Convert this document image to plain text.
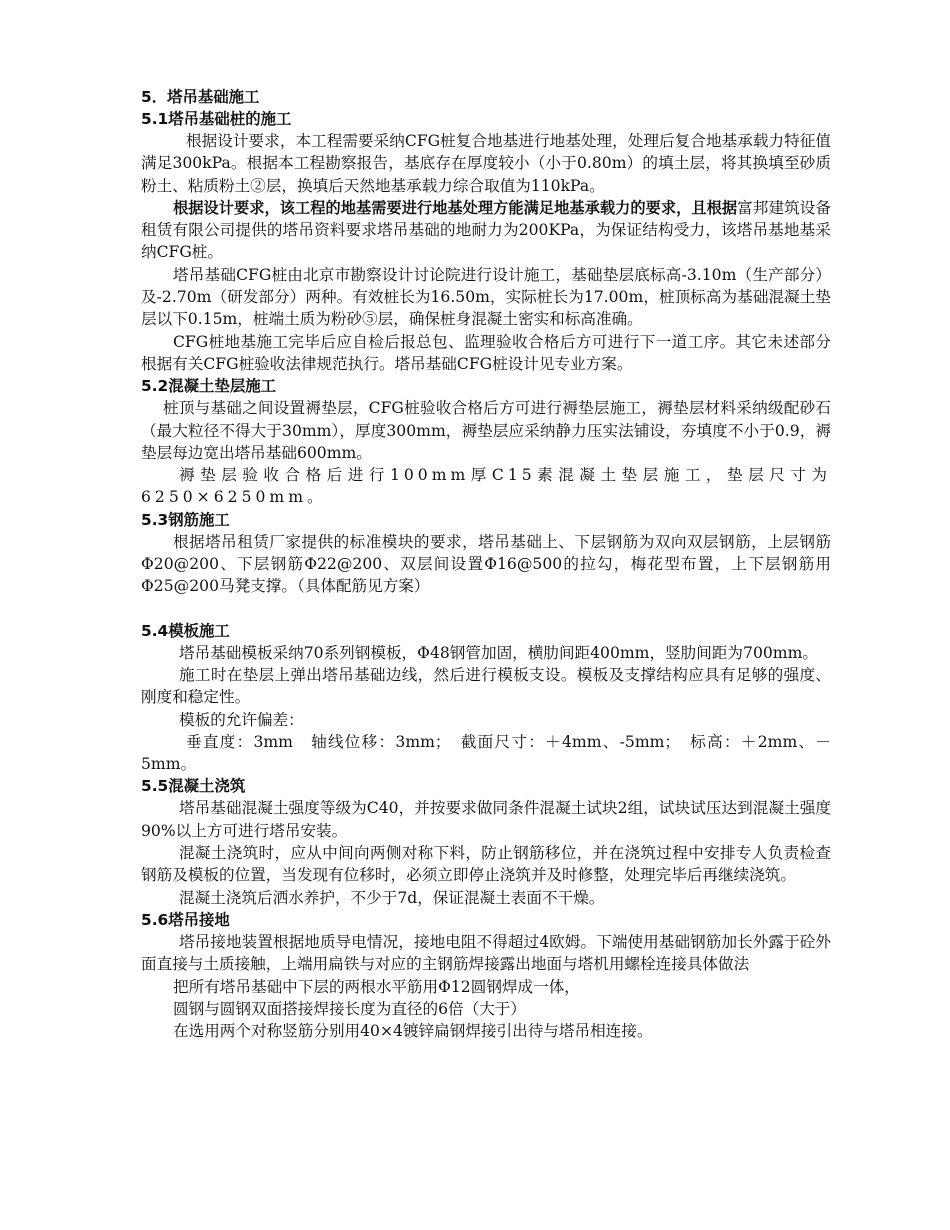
5．塔吊基础施工
5.1塔吊基础桩的施工

根据设计要求，本工程需要采纳CFG桩复合地基进行地基处理，处理后复合地基承载力特征值满足300kPa。根据本工程勘察报告，基底存在厚度较小（小于0.80m）的填土层，将其换填至砂质粉土、粘质粉土②层，换填后天然地基承载力综合取值为110kPa。

根据设计要求，该工程的地基需要进行地基处理方能满足地基承载力的要求，且根据富邦建筑设备租赁有限公司提供的塔吊资料要求塔吊基础的地耐力为200KPa，为保证结构受力，该塔吊基地基采纳CFG桩。

塔吊基础CFG桩由北京市勘察设计讨论院进行设计施工，基础垫层底标高-3.10m（生产部分）及-2.70m（研发部分）两种。有效桩长为16.50m，实际桩长为17.00m，桩顶标高为基础混凝土垫层以下0.15m，桩端土质为粉砂⑤层，确保桩身混凝土密实和标高准确。

CFG桩地基施工完毕后应自检后报总包、监理验收合格后方可进行下一道工序。其它未述部分根据有关CFG桩验收法律规范执行。塔吊基础CFG桩设计见专业方案。

5.2混凝土垫层施工

桩顶与基础之间设置褥垫层，CFG桩验收合格后方可进行褥垫层施工，褥垫层材料采纳级配砂石（最大粒径不得大于30mm），厚度300mm，褥垫层应采纳静力压实法铺设，夯填度不小于0.9，褥垫层每边宽出塔吊基础600mm。

褥垫层验收合格后进行100mm厚C15素混凝土垫层施工，垫层尺寸为6250×6250mm。

5.3钢筋施工

根据塔吊租赁厂家提供的标准模块的要求，塔吊基础上、下层钢筋为双向双层钢筋，上层钢筋Φ20@200、下层钢筋Φ22@200、双层间设置Φ16@500的拉勾，梅花型布置，上下层钢筋用Φ25@200马凳支撑。（具体配筋见方案）

5.4模板施工

塔吊基础模板采纳70系列钢模板，Φ48钢管加固，横肋间距400mm，竖肋间距为700mm。

施工时在垫层上弹出塔吊基础边线，然后进行模板支设。模板及支撑结构应具有足够的强度、刚度和稳定性。

模板的允许偏差：

垂直度：3mm　轴线位移：3mm；　截面尺寸：＋4mm、-5mm；　标高：＋2mm、－5mm。

5.5混凝土浇筑

塔吊基础混凝土强度等级为C40，并按要求做同条件混凝土试块2组，试块试压达到混凝土强度90%以上方可进行塔吊安装。

混凝土浇筑时，应从中间向两侧对称下料，防止钢筋移位，并在浇筑过程中安排专人负责检查钢筋及模板的位置，当发现有位移时，必须立即停止浇筑并及时修整，处理完毕后再继续浇筑。

混凝土浇筑后洒水养护，不少于7d，保证混凝土表面不干燥。

5.6塔吊接地

塔吊接地装置根据地质导电情况，接地电阻不得超过4欧姆。下端使用基础钢筋加长外露于砼外面直接与土质接触，上端用扁铁与对应的主钢筋焊接露出地面与塔机用螺栓连接具体做法

把所有塔吊基础中下层的两根水平筋用Φ12圆钢焊成一体，

圆钢与圆钢双面搭接焊接长度为直径的6倍（大于）

在选用两个对称竖筋分别用40×4镀锌扁钢焊接引出待与塔吊相连接。
